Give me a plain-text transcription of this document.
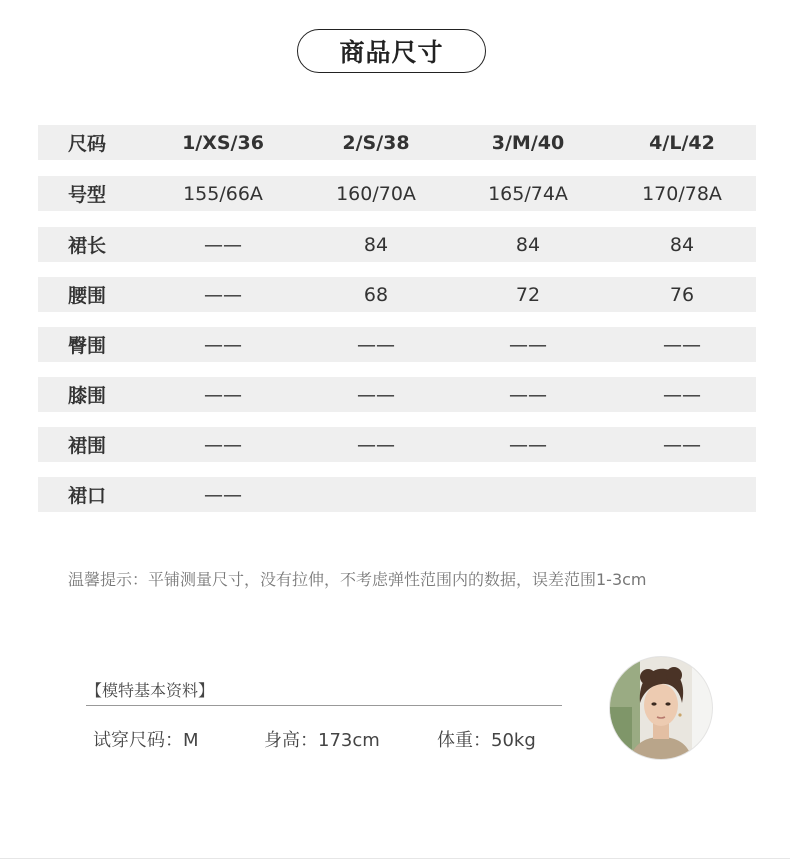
商品尺寸
尺码	1/XS/36	2/S/38	3/M/40	4/L/42
号型	155/66A	160/70A	165/74A	170/78A
裙长	——	84	84	84
腰围	——	68	72	76
臀围	——	——	——	——
膝围	——	——	——	——
裙围	——	——	——	——
裙口	——
温馨提示：平铺测量尺寸，没有拉伸，不考虑弹性范围内的数据，误差范围1-3cm
【模特基本资料】
试穿尺码：M	身高：173cm	体重：50kg
